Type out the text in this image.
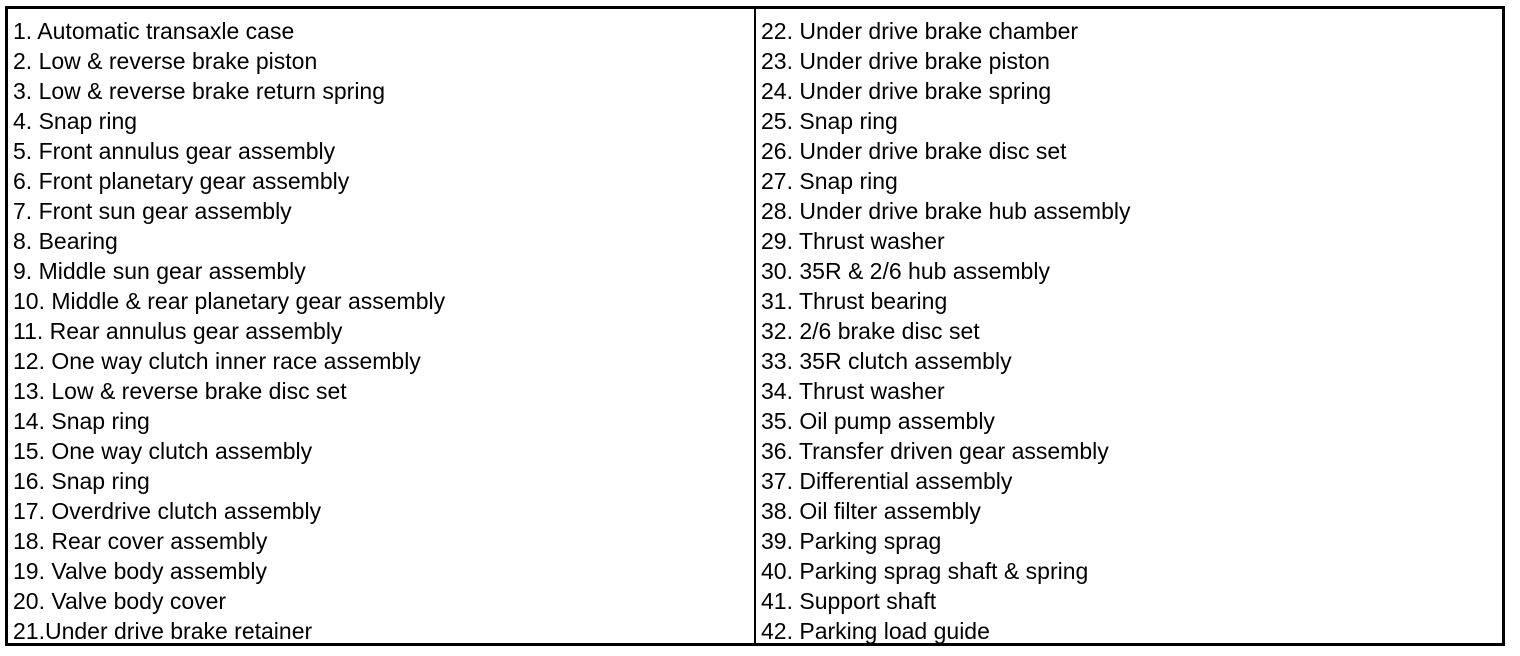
1. Automatic transaxle case
2. Low & reverse brake piston
3. Low & reverse brake return spring
4. Snap ring
5. Front annulus gear assembly
6. Front planetary gear assembly
7. Front sun gear assembly
8. Bearing
9. Middle sun gear assembly
10. Middle & rear planetary gear assembly
11. Rear annulus gear assembly
12. One way clutch inner race assembly
13. Low & reverse brake disc set
14. Snap ring
15. One way clutch assembly
16. Snap ring
17. Overdrive clutch assembly
18. Rear cover assembly
19. Valve body assembly
20. Valve body cover
21.Under drive brake retainer
22. Under drive brake chamber
23. Under drive brake piston
24. Under drive brake spring
25. Snap ring
26. Under drive brake disc set
27. Snap ring
28. Under drive brake hub assembly
29. Thrust washer
30. 35R & 2/6 hub assembly
31. Thrust bearing
32. 2/6 brake disc set
33. 35R clutch assembly
34. Thrust washer
35. Oil pump assembly
36. Transfer driven gear assembly
37. Differential assembly
38. Oil filter assembly
39. Parking sprag
40. Parking sprag shaft & spring
41. Support shaft
42. Parking load guide
